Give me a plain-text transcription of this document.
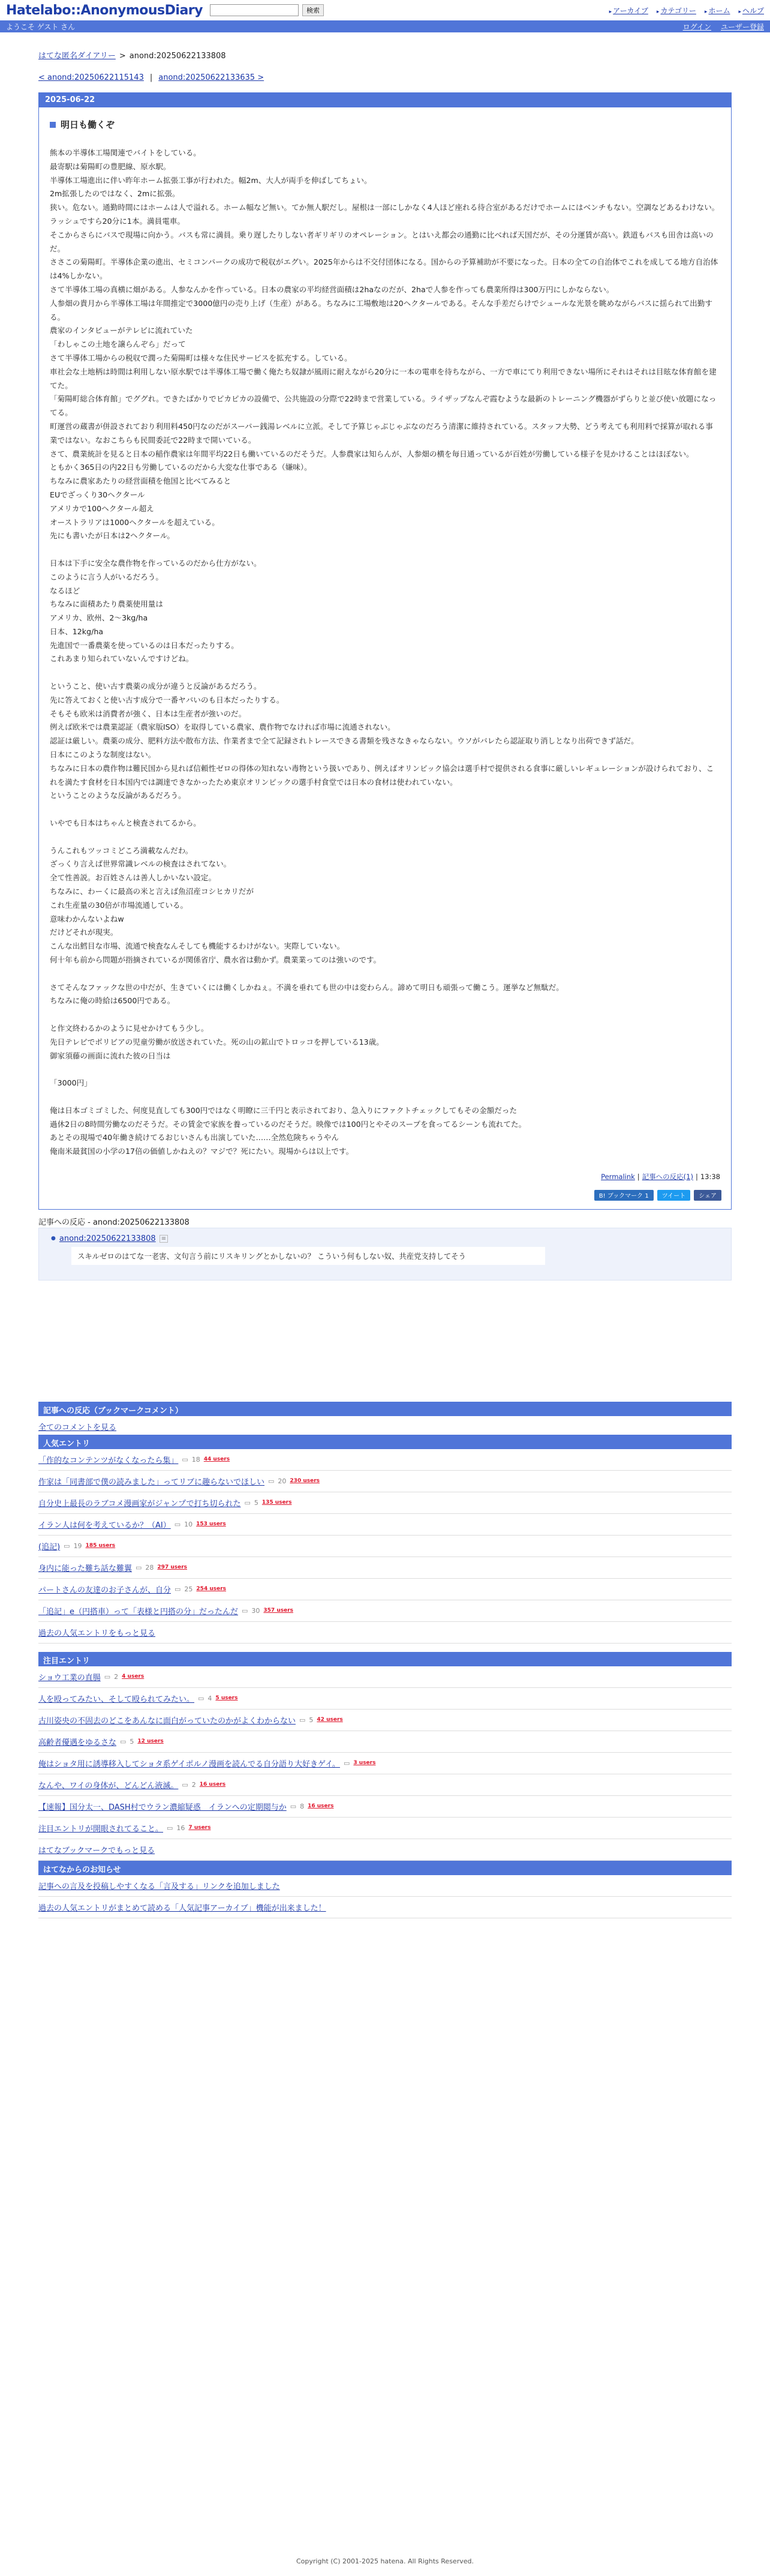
Hatelabo::AnonymousDiary	検索	▸ アーカイブ	▸ カテゴリー	▸ ホーム	▸ ヘルプ
ようこそ ゲスト さん	ログイン ユーザー登録
はてな匿名ダイアリー > anond:20250622133808
< anond:20250622115143 | anond:20250622133635 >
2025-06-22
明日も働くぞ

熊本の半導体工場関連でバイトをしている。

最寄駅は菊陽町の豊肥線、原水駅。

半導体工場進出に伴い昨年ホーム拡張工事が行われた。幅2m、大人が両手を伸ばしてちょい。

2m拡張したのではなく、2mに拡張。

狭い。危ない。通勤時間にはホームは人で溢れる。ホーム幅など無い。てか無人駅だし。屋根は一部にしかなく4人ほど座れる待合室があるだけでホームにはベンチもない。空調などあるわけない。ラッシュですら20分に1本。満員電車。

そこからさらにバスで現場に向かう。バスも常に満員。乗り遅したりしない者ギリギリのオペレーション。とはいえ都会の通勤に比べれば天国だが、その分運賃が高い。鉄道もバスも田舎は高いのだ。

ささこの菊陽町。半導体企業の進出、セミコンパークの成功で税収がエグい。2025年からは不交付団体になる。国からの予算補助が不要になった。日本の全ての自治体でこれを成してる地方自治体は4%しかない。

さて半導体工場の真横に畑がある。人参なんかを作っている。日本の農家の平均経営面積は2haなのだが、2haで人参を作っても農業所得は300万円にしかならない。

人参畑の貴月から半導体工場は年間推定で3000億円の売り上げ（生産）がある。ちなみに工場敷地は20ヘクタールである。そんな手差だらけでシュールな光景を眺めながらバスに揺られて出勤する。

農家のインタビューがテレビに流れていた

「わしゃこの土地を譲らんぞら」だって

さて半導体工場からの税収で潤った菊陽町は様々な住民サービスを拡充する。している。

車社会な土地柄は時間は利用しない原水駅では半導体工場で働く俺たち奴隷が風雨に耐えながら20分に一本の電車を待ちながら、一方で車にてり利用できない場所にそれはそれは目眩な体育館を建てた。

「菊陽町総合体育館」でググれ。できたばかりでピカピカの設備で、公共施設の分際で22時まで営業している。ライザップなんぞ霞むような最新のトレーニング機器がずらりと並び使い放題になってる。

町運営の蔵書が併設されており利用料450円なのだがスーパー銭湯レベルに立派。そして予算じゃぶじゃぶなのだろう清潔に維持されている。スタッフ大勢、どう考えても利用料で採算が取れる事業ではない。なおこちらも民間委託で22時まで開いている。

さて、農業統計を見ると日本の稲作農家は年間平均22日も働いているのだそうだ。人参農家は知らんが、人参畑の横を毎日通っているが百姓が労働している様子を見かけることはほぼない。

ともかく365日の内22日も労働しているのだから大変な仕事である（嫌味）。

ちなみに農家あたりの経営面積を他国と比べてみると

EUでざっくり30ヘクタール

アメリカで100ヘクタール超え

オーストラリアは1000ヘクタールを超えている。

先にも書いたが日本は2ヘクタール。

日本は下手に安全な農作物を作っているのだから仕方がない。

このように言う人がいるだろう。

なるほど

ちなみに面積あたり農薬使用量は

アメリカ、欧州、2〜3kg/ha

日本、12kg/ha

先進国で一番農薬を使っているのは日本だったりする。

これあまり知られていないんですけどね。

ということ、使い古す農薬の成分が違うと反論があるだろう。

先に答えておくと使い古す成分で一番ヤバいのも日本だったりする。

そもそも欧米は消費者が強く、日本は生産者が強いのだ。

例えば欧米では農業認証（農家版ISO）を取得している農家、農作物でなければ市場に流通されない。

認証は厳しい。農薬の成分、肥料方法や散布方法、作業者まで全て記録されトレースできる書類を残さなきゃならない。ウソがバレたら認証取り消しとなり出荷できず話だ。

日本にこのような制度はない。

ちなみに日本の農作物は難民国から見れば信頼性ゼロの得体の知れない毒物という扱いであり、例えばオリンピック協会は選手村で提供される食事に厳しいレギュレーションが設けられており、これを満たす食材を日本国内では調達できなかったため東京オリンピックの選手村食堂では日本の食材は使われていない。

ということのような反論があるだろう。

いやでも日本はちゃんと検査されてるから。

うんこれもツッコミどころ満載なんだわ。

ざっくり言えば世界常識レベルの検査はされてない。

全て性善説。お百姓さんは善人しかいない設定。

ちなみに、わーくに最高の米と言えば魚沼産コシヒカリだが

これ生産量の30倍が市場流通している。

意味わかんないよねw

だけどそれが現実。

こんな出鱈目な市場、流通で検査なんそしても機能するわけがない。実際していない。

何十年も前から問題が指摘されているが関係省庁、農水省は動かず。農業業ってのは強いのです。

さてそんなファックな世の中だが、生きていくには働くしかねぇ。不満を垂れても世の中は変わらん。諦めて明日も頑張って働こう。運挙など無駄だ。

ちなみに俺の時給は6500円である。

と作文終わるかのように見せかけてもう少し。

先日テレビでボリビアの児童労働が放送されていた。死の山の鉱山でトロッコを押している13歳。

御家須藤の画面に流れた彼の日当は

「3000円」

俺は日本ゴミゴミした、何度見直しても300円ではなく明瞭に三千円と表示されており、急入りにファクトチェックしてもその金額だった

過休2日の8時間労働なのだそうだ。その賃金で家族を養っているのだそうだ。映像では100円とやそのスープを食ってるシーンも流れてた。

あとその現場で40年働き続けてるおじいさんも出演していた……全然危険ちゃうやん

俺南米最貧国の小学の17倍の価値しかねえの？マジで？死にたい。現場からは以上です。

Permalink | 記事への反応(1) | 13:38
B! ブックマーク 1	ツイート	シェア
記事への反応 - anond:20250622133808
● anond:20250622133808 ≡
スキルゼロのはてな一老害、文句言う前にリスキリングとかしないの？ こういう何もしない奴、共産党支持してそう
記事への反応（ブックマークコメント）
全てのコメントを見る
人気エントリ
「作的なコンテンツがなくなったら集」 ▭ 18 44 users
作家は「同書部で僕の読みました」ってリブに趣らないでほしい ▭ 20 230 users
自分史上最長のラブコメ漫画家がジャンプで打ち切られた ▭ 5 135 users
イラン人は何を考えているか？（AI） ▭ 10 153 users
(追記) ▭ 19 185 users
身内に能った難ち話な難翼 ▭ 28 297 users
パートさんの友達のお子さんが、自分 ▭ 25 254 users
「追記」e（円搭車）って「表様と円搭の分」だったんだ ▭ 30 357 users
過去の人気エントリをもっと見る
注目エントリ
ショウ工業の直腸 ▭ 2 4 users
人を殴ってみたい、そして殴られてみたい。 ▭ 4 5 users
古川姿央の不固去のどこをあんなに面白がっていたのかがよくわからない ▭ 5 42 users
高齢者優遇をゆるさな ▭ 5 12 users
俺はショタ用に誘導移入してショタ系ゲイポルノ漫画を読んでる自分語り大好きゲイ。 ▭ 3 users
なんや、ワイの身体が、どんどん液滅。 ▭ 2 16 users
【速報】国分太一、DASH村でウラン濃縮疑惑　イランへの定期閲与か ▭ 8 16 users
注目エントリが開眼されてること。 ▭ 16 7 users
はてなブックマークでもっと見る
はてなからのお知らせ
記事への言及を投稿しやすくなる「言及する」リンクを追加しました
過去の人気エントリがまとめて読める「人気記事アーカイブ」機能が出来ました！
Copyright (C) 2001-2025 hatena. All Rights Reserved.
